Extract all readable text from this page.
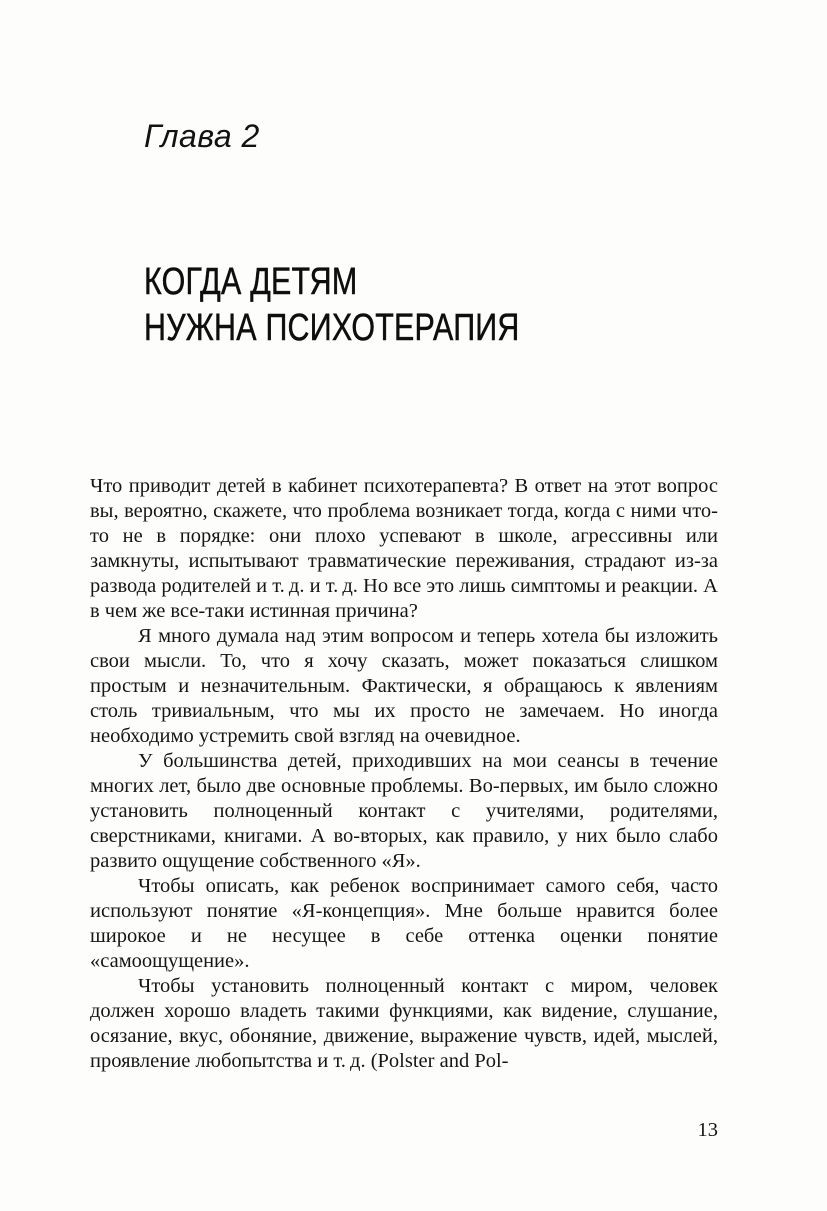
Глава 2
КОГДА ДЕТЯМ
НУЖНА ПСИХОТЕРАПИЯ

Что приводит детей в кабинет психотерапевта? В ответ на этот вопрос вы, вероятно, скажете, что проблема возникает тогда, когда с ними что-то не в порядке: они плохо успевают в школе, агрессивны или замкнуты, испытывают травматические переживания, страдают из-за развода родителей и т. д. и т. д. Но все это лишь симптомы и реакции. А в чем же все-таки истинная причина?

Я много думала над этим вопросом и теперь хотела бы изложить свои мысли. То, что я хочу сказать, может показаться слишком простым и незначительным. Фактически, я обращаюсь к явлениям столь тривиальным, что мы их просто не замечаем. Но иногда необходимо устремить свой взгляд на очевидное.

У большинства детей, приходивших на мои сеансы в течение многих лет, было две основные проблемы. Во-первых, им было сложно установить полноценный контакт с учителями, родителями, сверстниками, книгами. А во-вторых, как правило, у них было слабо развито ощущение собственного «Я».

Чтобы описать, как ребенок воспринимает самого себя, часто используют понятие «Я-концепция». Мне больше нравится более широкое и не несущее в себе оттенка оценки понятие «самоощущение».

Чтобы установить полноценный контакт с миром, человек должен хорошо владеть такими функциями, как видение, слушание, осязание, вкус, обоняние, движение, выражение чувств, идей, мыслей, проявление любопытства и т. д. (Polster and Pol-

13
